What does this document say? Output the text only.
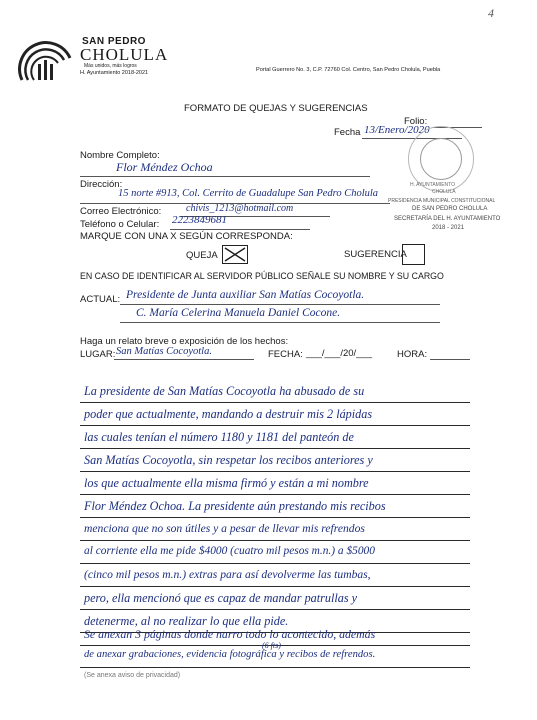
SAN PEDRO
CHOLULA
Más unidos, más logros
H. Ayuntamiento 2018-2021	Portal Guerrero No. 3, C.P. 72760 Col. Centro, San Pedro Cholula, Puebla
4
FORMATO DE QUEJAS Y SUGERENCIAS
Folio:
Fecha 13/Enero/2020
H. AYUNTAMIENTO
CHOLULA
PRESIDENCIA MUNICIPAL CONSTITUCIONAL
DE SAN PEDRO CHOLULA
SECRETARÍA DEL H. AYUNTAMIENTO
2018 - 2021
Nombre Completo:
Flor Méndez Ochoa
Dirección:
15 norte #913, Col. Cerrito de Guadalupe San Pedro Cholula
Correo Electrónico: chivis_1213@hotmail.com
Teléfono o Celular: 2223849681
MARQUE CON UNA X SEGÚN CORRESPONDA:
QUEJA	SUGERENCIA
EN CASO DE IDENTIFICAR AL SERVIDOR PÚBLICO SEÑALE SU NOMBRE Y SU CARGO
ACTUAL: Presidente de Junta auxiliar San Matías Cocoyotla.
C. María Celerina Manuela Daniel Cocone.
Haga un relato breve o exposición de los hechos:
LUGAR: San Matías Cocoyotla.	FECHA: ___/___/20/___	HORA:
La presidente de San Matías Cocoyotla ha abusado de su
poder que actualmente, mandando a destruir mis 2 lápidas
las cuales tenían el número 1180 y 1181 del panteón de
San Matías Cocoyotla, sin respetar los recibos anteriores y
los que actualmente ella misma firmó y están a mi nombre
Flor Méndez Ochoa. La presidente aún prestando mis recibos
menciona que no son útiles y a pesar de llevar mis refrendos
al corriente ella me pide $4000 (cuatro mil pesos m.n.) a $5000
(cinco mil pesos m.n.) extras para así devolverme las tumbas,
pero, ella mencionó que es capaz de mandar patrullas y
detenerme, al no realizar lo que ella pide.
Se anexan 3 páginas donde narro todo lo acontecido, además
(6 fts)
de anexar grabaciones, evidencia fotográfica y recibos de refrendos.
(Se anexa aviso de privacidad)
